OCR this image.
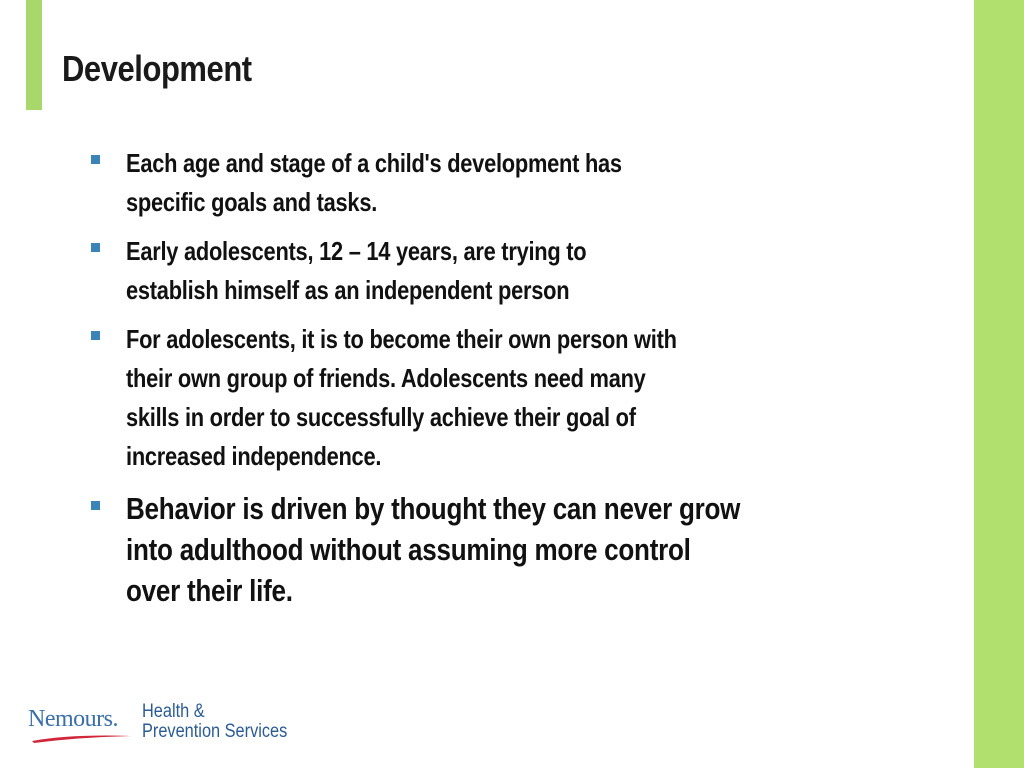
Development
Each age and stage of a child's development has
specific goals and tasks.
Early adolescents, 12 – 14 years, are trying to
establish himself as an independent person
For adolescents, it is to become their own person with
their own group of friends. Adolescents need many
skills in order to successfully achieve their goal of
increased independence.
Behavior is driven by thought they can never grow
into adulthood without assuming more control
over their life.
Nemours. Health &
Prevention Services
